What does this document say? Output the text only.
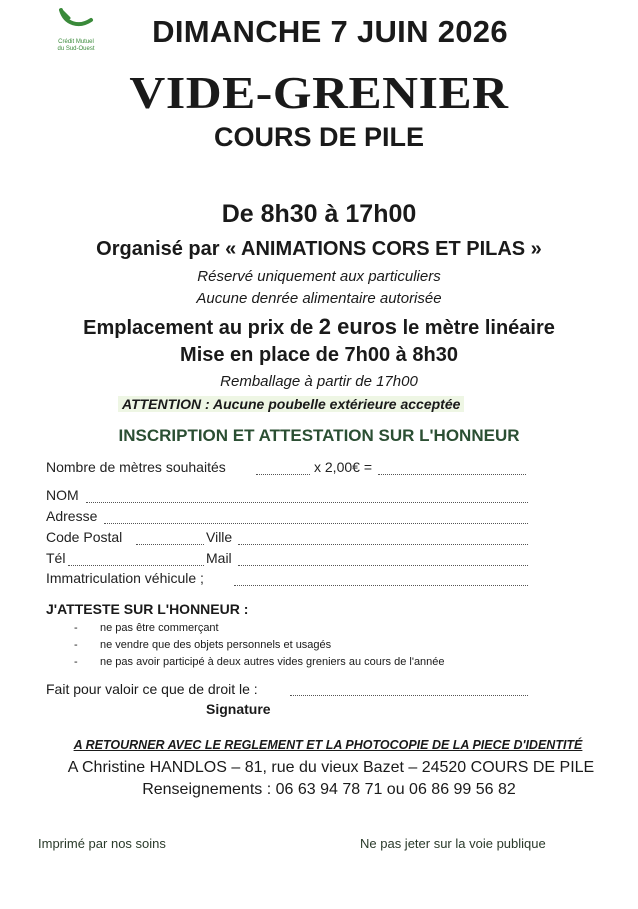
Crédit Mutuel
du Sud-Ouest	DIMANCHE 7 JUIN 2026
VIDE-GRENIER
COURS DE PILE
De 8h30 à 17h00
Organisé par « ANIMATIONS CORS ET PILAS »
Réservé uniquement aux particuliers
Aucune denrée alimentaire autorisée
Emplacement au prix de 2 euros le mètre linéaire
Mise en place de 7h00 à 8h30
Remballage à partir de 17h00
ATTENTION : Aucune poubelle extérieure acceptée
INSCRIPTION ET ATTESTATION SUR L'HONNEUR
Nombre de mètres souhaités	x 2,00€ =
NOM
Adresse
Code Postal	Ville
Tél	Mail
Immatriculation véhicule ;
J'ATTESTE SUR L'HONNEUR :
- ne pas être commerçant
- ne vendre que des objets personnels et usagés
- ne pas avoir participé à deux autres vides greniers au cours de l'année
Fait pour valoir ce que de droit le :
Signature
A RETOURNER AVEC LE REGLEMENT ET LA PHOTOCOPIE DE LA PIECE D'IDENTITÉ
A Christine HANDLOS – 81, rue du vieux Bazet – 24520 COURS DE PILE
Renseignements : 06 63 94 78 71 ou 06 86 99 56 82
Imprimé par nos soins	Ne pas jeter sur la voie publique
